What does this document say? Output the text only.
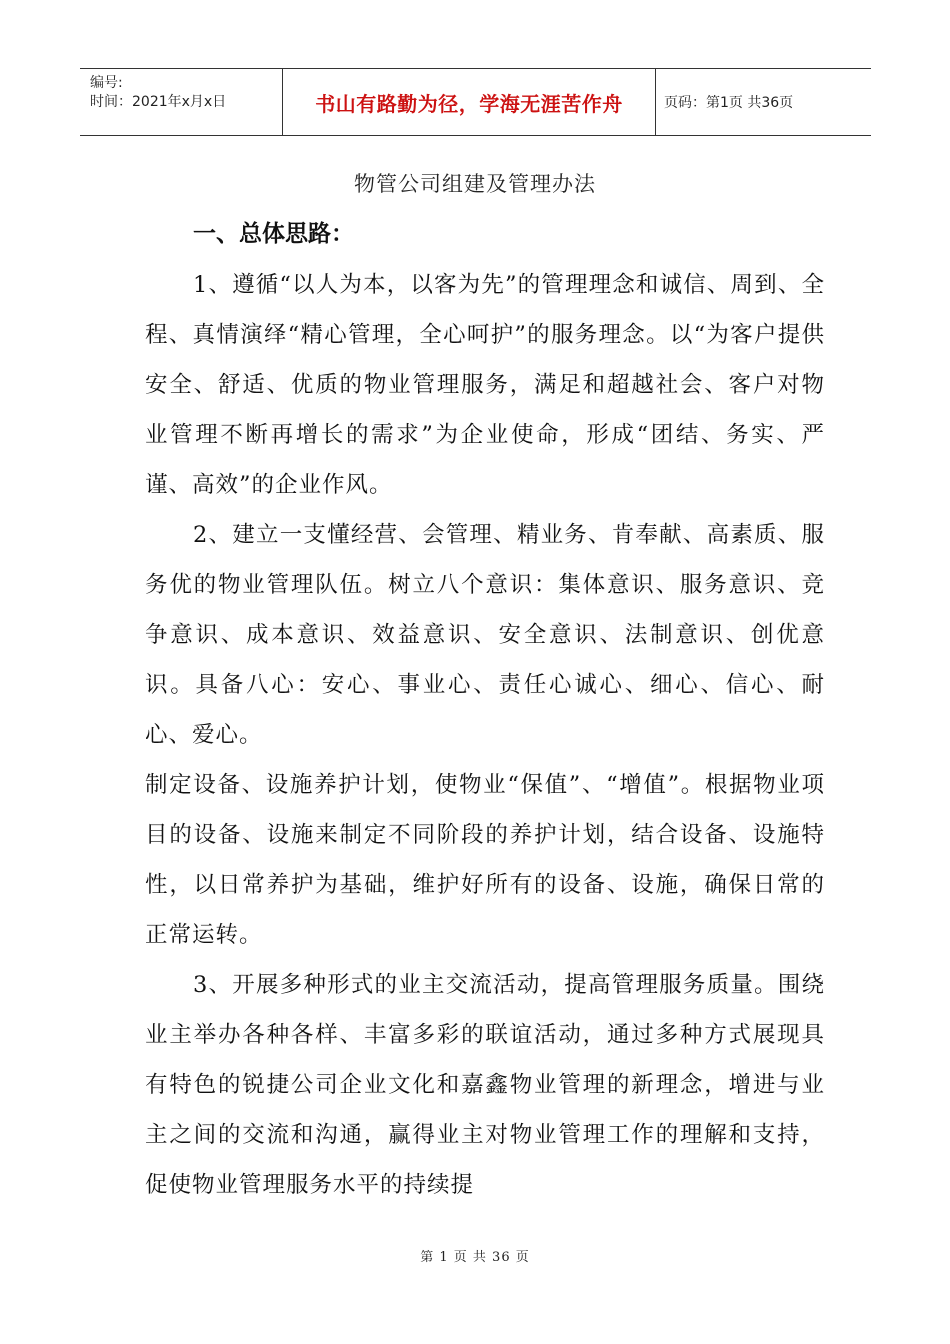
编号:
时间：2021年x月x日	书山有路勤为径，学海无涯苦作舟	页码：第1页 共36页
物管公司组建及管理办法
一、总体思路：

1、遵循“以人为本，以客为先”的管理理念和诚信、周到、全程、真情演绎“精心管理，全心呵护”的服务理念。以“为客户提供安全、舒适、优质的物业管理服务，满足和超越社会、客户对物业管理不断再增长的需求”为企业使命，形成“团结、务实、严谨、高效”的企业作风。

2、建立一支懂经营、会管理、精业务、肯奉献、高素质、服务优的物业管理队伍。树立八个意识：集体意识、服务意识、竞争意识、成本意识、效益意识、安全意识、法制意识、创优意识。具备八心：安心、事业心、责任心诚心、细心、信心、耐心、爱心。

制定设备、设施养护计划，使物业“保值”、“增值”。根据物业项目的设备、设施来制定不同阶段的养护计划，结合设备、设施特性，以日常养护为基础，维护好所有的设备、设施，确保日常的正常运转。

3、开展多种形式的业主交流活动，提高管理服务质量。围绕业主举办各种各样、丰富多彩的联谊活动，通过多种方式展现具有特色的锐捷公司企业文化和嘉鑫物业管理的新理念，增进与业主之间的交流和沟通，赢得业主对物业管理工作的理解和支持，促使物业管理服务水平的持续提

第 1 页 共 36 页
